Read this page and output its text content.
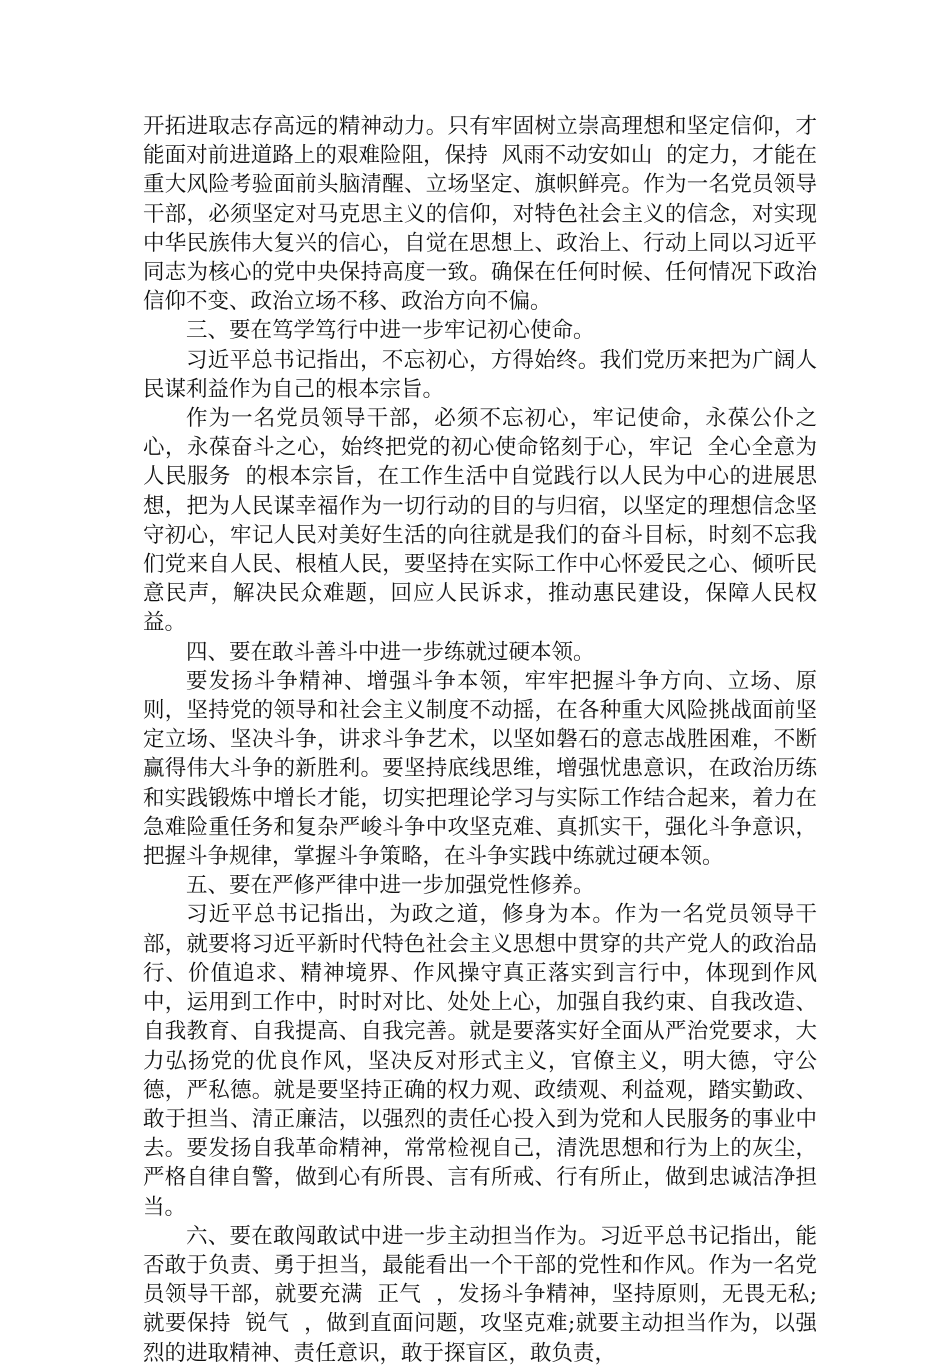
开拓进取志存高远的精神动力。只有牢固树立崇高理想和坚定信仰，才能面对前进道路上的艰难险阻，保持  风雨不动安如山  的定力，才能在重大风险考验面前头脑清醒、立场坚定、旗帜鲜亮。作为一名党员领导干部，必须坚定对马克思主义的信仰，对特色社会主义的信念，对实现中华民族伟大复兴的信心，自觉在思想上、政治上、行动上同以习近平同志为核心的党中央保持高度一致。确保在任何时候、任何情况下政治信仰不变、政治立场不移、政治方向不偏。

三、要在笃学笃行中进一步牢记初心使命。

习近平总书记指出，不忘初心，方得始终。我们党历来把为广阔人民谋利益作为自己的根本宗旨。

作为一名党员领导干部，必须不忘初心，牢记使命，永葆公仆之心，永葆奋斗之心，始终把党的初心使命铭刻于心，牢记  全心全意为人民服务  的根本宗旨，在工作生活中自觉践行以人民为中心的进展思想，把为人民谋幸福作为一切行动的目的与归宿，以坚定的理想信念坚守初心，牢记人民对美好生活的向往就是我们的奋斗目标，时刻不忘我们党来自人民、根植人民，要坚持在实际工作中心怀爱民之心、倾听民意民声，解决民众难题，回应人民诉求，推动惠民建设，保障人民权益。

四、要在敢斗善斗中进一步练就过硬本领。

要发扬斗争精神、增强斗争本领，牢牢把握斗争方向、立场、原则，坚持党的领导和社会主义制度不动摇，在各种重大风险挑战面前坚定立场、坚决斗争，讲求斗争艺术，以坚如磐石的意志战胜困难，不断赢得伟大斗争的新胜利。要坚持底线思维，增强忧患意识，在政治历练和实践锻炼中增长才能，切实把理论学习与实际工作结合起来，着力在急难险重任务和复杂严峻斗争中攻坚克难、真抓实干，强化斗争意识，把握斗争规律，掌握斗争策略，在斗争实践中练就过硬本领。

五、要在严修严律中进一步加强党性修养。

习近平总书记指出，为政之道，修身为本。作为一名党员领导干部，就要将习近平新时代特色社会主义思想中贯穿的共产党人的政治品行、价值追求、精神境界、作风操守真正落实到言行中，体现到作风中，运用到工作中，时时对比、处处上心，加强自我约束、自我改造、自我教育、自我提高、自我完善。就是要落实好全面从严治党要求，大力弘扬党的优良作风，坚决反对形式主义，官僚主义，明大德，守公德，严私德。就是要坚持正确的权力观、政绩观、利益观，踏实勤政、敢于担当、清正廉洁，以强烈的责任心投入到为党和人民服务的事业中去。要发扬自我革命精神，常常检视自己，清洗思想和行为上的灰尘，严格自律自警，做到心有所畏、言有所戒、行有所止，做到忠诚洁净担当。

六、要在敢闯敢试中进一步主动担当作为。习近平总书记指出，能否敢于负责、勇于担当，最能看出一个干部的党性和作风。作为一名党员领导干部，就要充满  正气  ，发扬斗争精神，坚持原则，无畏无私;就要保持  锐气  ，做到直面问题，攻坚克难;就要主动担当作为，以强烈的进取精神、责任意识，敢于探盲区，敢负责，
